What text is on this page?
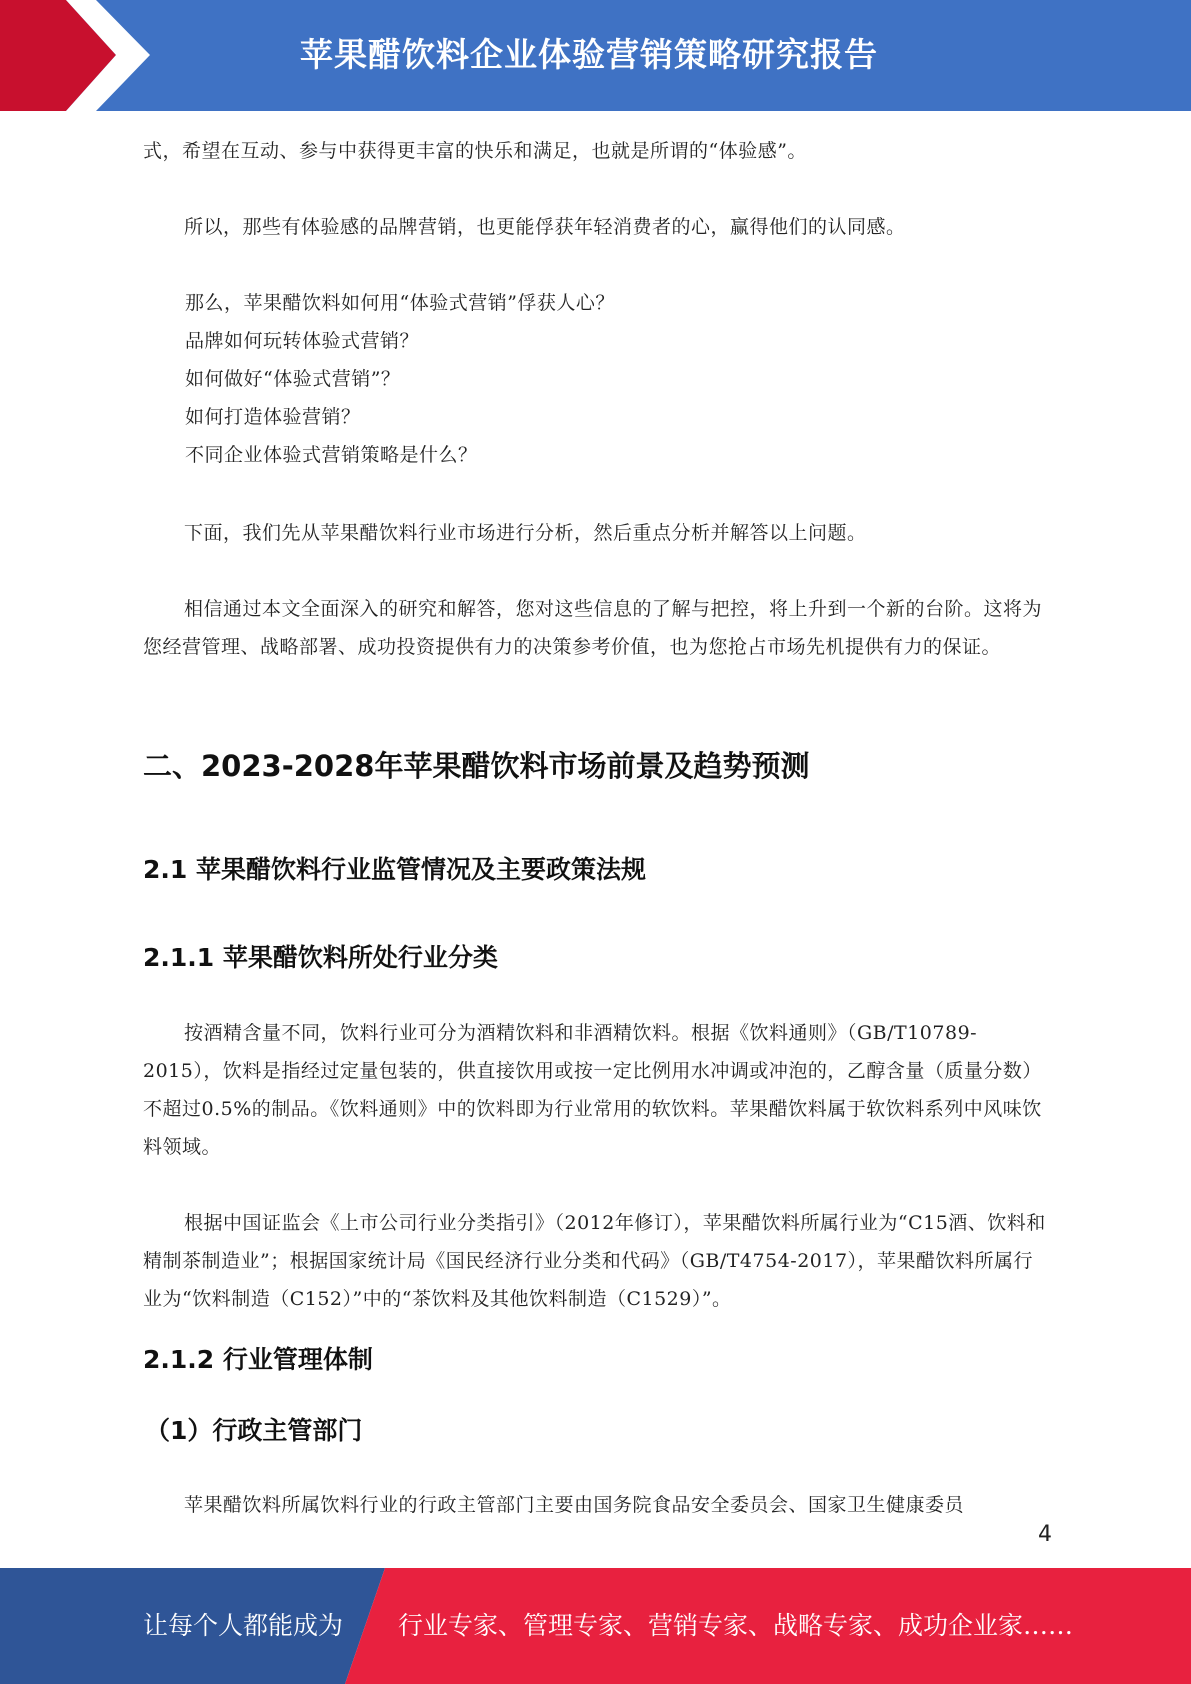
苹果醋饮料企业体验营销策略研究报告

式，希望在互动、参与中获得更丰富的快乐和满足，也就是所谓的“体验感”。

所以，那些有体验感的品牌营销，也更能俘获年轻消费者的心，赢得他们的认同感。

那么，苹果醋饮料如何用“体验式营销”俘获人心？

品牌如何玩转体验式营销？

如何做好“体验式营销”？

如何打造体验营销？

不同企业体验式营销策略是什么？

下面，我们先从苹果醋饮料行业市场进行分析，然后重点分析并解答以上问题。

相信通过本文全面深入的研究和解答，您对这些信息的了解与把控，将上升到一个新的台阶。这将为您经营管理、战略部署、成功投资提供有力的决策参考价值，也为您抢占市场先机提供有力的保证。

二、2023-2028年苹果醋饮料市场前景及趋势预测
2.1 苹果醋饮料行业监管情况及主要政策法规
2.1.1 苹果醋饮料所处行业分类

按酒精含量不同，饮料行业可分为酒精饮料和非酒精饮料。根据《饮料通则》（GB/T10789-2015），饮料是指经过定量包装的，供直接饮用或按一定比例用水冲调或冲泡的，乙醇含量（质量分数）不超过0.5%的制品。《饮料通则》中的饮料即为行业常用的软饮料。苹果醋饮料属于软饮料系列中风味饮料领域。

根据中国证监会《上市公司行业分类指引》（2012年修订），苹果醋饮料所属行业为“C15酒、饮料和精制茶制造业”；根据国家统计局《国民经济行业分类和代码》（GB/T4754-2017），苹果醋饮料所属行业为“饮料制造（C152）”中的“茶饮料及其他饮料制造（C1529）”。

2.1.2 行业管理体制
（1）行政主管部门

苹果醋饮料所属饮料行业的行政主管部门主要由国务院食品安全委员会、国家卫生健康委员

4
让每个人都能成为 行业专家、管理专家、营销专家、战略专家、成功企业家……
